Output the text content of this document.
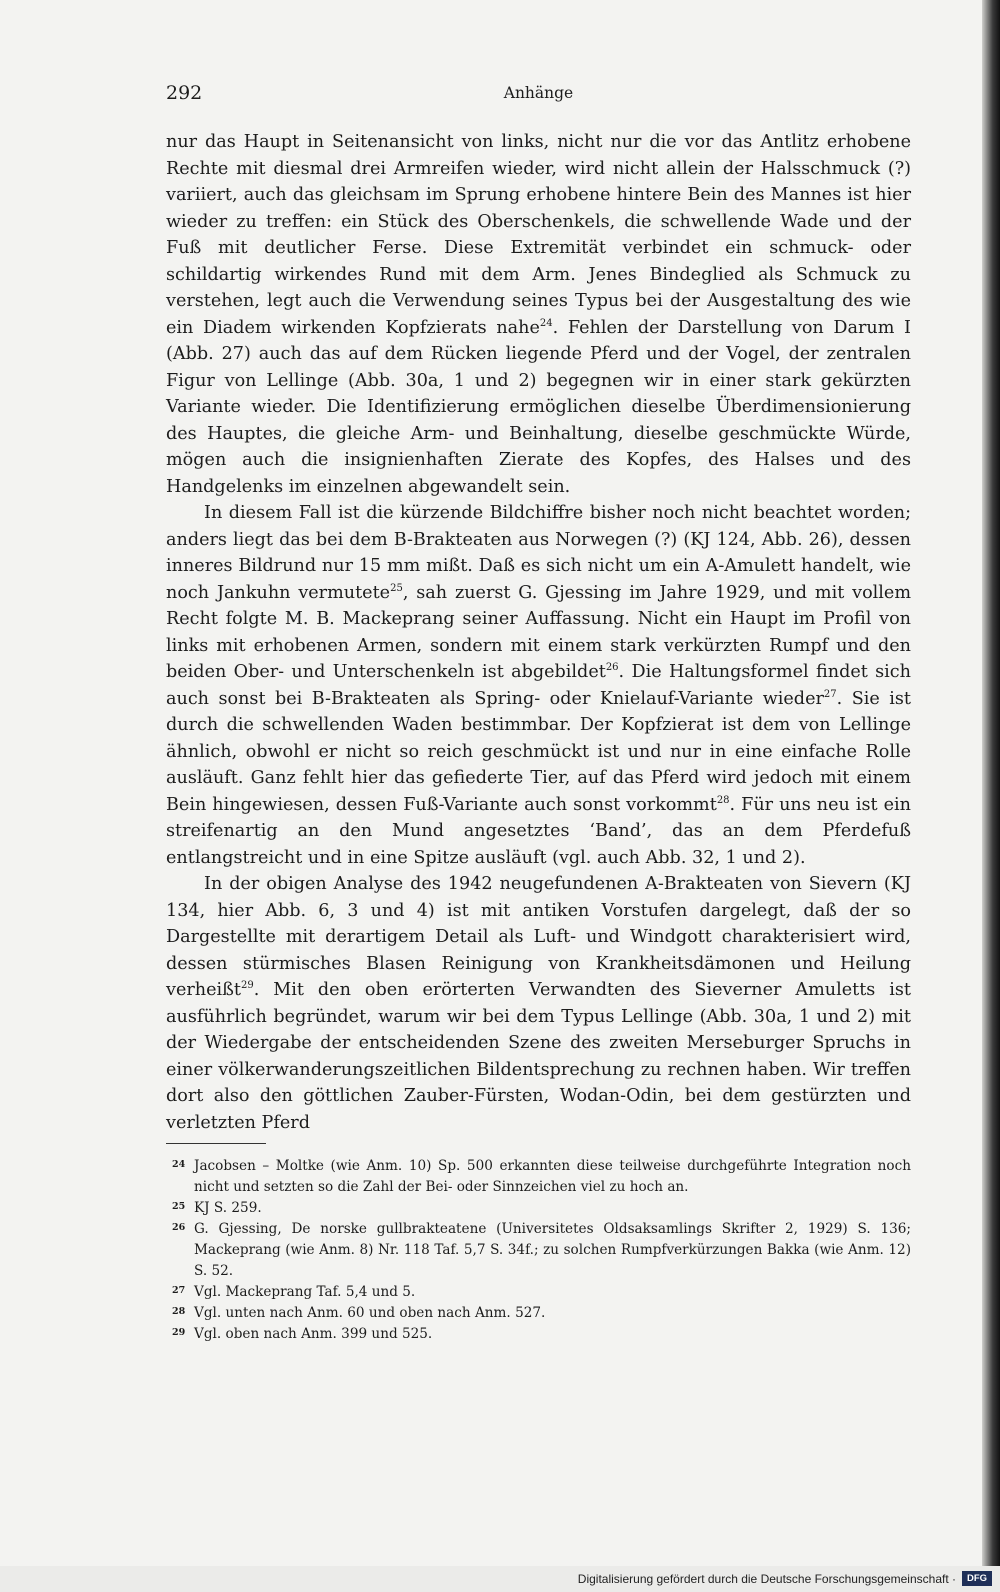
292	Anhänge

nur das Haupt in Seitenansicht von links, nicht nur die vor das Antlitz erhobene Rechte mit diesmal drei Armreifen wieder, wird nicht allein der Halsschmuck (?) variiert, auch das gleichsam im Sprung erhobene hintere Bein des Mannes ist hier wieder zu treffen: ein Stück des Oberschenkels, die schwellende Wade und der Fuß mit deutlicher Ferse. Diese Extremität verbindet ein schmuck- oder schildartig wirkendes Rund mit dem Arm. Jenes Bindeglied als Schmuck zu verstehen, legt auch die Verwendung seines Typus bei der Ausgestaltung des wie ein Diadem wirkenden Kopfzierats nahe$^{24}$. Fehlen der Darstellung von Darum I (Abb. 27) auch das auf dem Rücken liegende Pferd und der Vogel, der zentralen Figur von Lellinge (Abb. 30a, 1 und 2) begegnen wir in einer stark gekürzten Variante wieder. Die Identifizierung ermöglichen dieselbe Überdimensionierung des Hauptes, die gleiche Arm- und Beinhaltung, dieselbe geschmückte Würde, mögen auch die insignienhaften Zierate des Kopfes, des Halses und des Handgelenks im einzelnen abgewandelt sein.

In diesem Fall ist die kürzende Bildchiffre bisher noch nicht beachtet worden; anders liegt das bei dem B-Brakteaten aus Norwegen (?) (KJ 124, Abb. 26), dessen inneres Bildrund nur 15 mm mißt. Daß es sich nicht um ein A-Amulett handelt, wie noch Jankuhn vermutete$^{25}$, sah zuerst G. Gjessing im Jahre 1929, und mit vollem Recht folgte M. B. Mackeprang seiner Auffassung. Nicht ein Haupt im Profil von links mit erhobenen Armen, sondern mit einem stark verkürzten Rumpf und den beiden Ober- und Unterschenkeln ist abgebildet$^{26}$. Die Haltungsformel findet sich auch sonst bei B-Brakteaten als Spring- oder Knielauf-Variante wieder$^{27}$. Sie ist durch die schwellenden Waden bestimmbar. Der Kopfzierat ist dem von Lellinge ähnlich, obwohl er nicht so reich geschmückt ist und nur in eine einfache Rolle ausläuft. Ganz fehlt hier das gefiederte Tier, auf das Pferd wird jedoch mit einem Bein hingewiesen, dessen Fuß-Variante auch sonst vorkommt$^{28}$. Für uns neu ist ein streifenartig an den Mund angesetztes ‘Band’, das an dem Pferdefuß entlangstreicht und in eine Spitze ausläuft (vgl. auch Abb. 32, 1 und 2).

In der obigen Analyse des 1942 neugefundenen A-Brakteaten von Sievern (KJ 134, hier Abb. 6, 3 und 4) ist mit antiken Vorstufen dargelegt, daß der so Dargestellte mit derartigem Detail als Luft- und Windgott charakterisiert wird, dessen stürmisches Blasen Reinigung von Krankheitsdämonen und Heilung verheißt$^{29}$. Mit den oben erörterten Verwandten des Sieverner Amuletts ist ausführlich begründet, warum wir bei dem Typus Lellinge (Abb. 30a, 1 und 2) mit der Wiedergabe der entscheidenden Szene des zweiten Merseburger Spruchs in einer völkerwanderungszeitlichen Bildentsprechung zu rechnen haben. Wir treffen dort also den göttlichen Zauber-Fürsten, Wodan-Odin, bei dem gestürzten und verletzten Pferd

24 Jacobsen – Moltke (wie Anm. 10) Sp. 500 erkannten diese teilweise durchgeführte Integration noch nicht und setzten so die Zahl der Bei- oder Sinnzeichen viel zu hoch an.
25 KJ S. 259.
26 G. Gjessing, De norske gullbrakteatene (Universitetes Oldsaksamlings Skrifter 2, 1929) S. 136; Mackeprang (wie Anm. 8) Nr. 118 Taf. 5,7 S. 34f.; zu solchen Rumpfverkürzungen Bakka (wie Anm. 12) S. 52.
27 Vgl. Mackeprang Taf. 5,4 und 5.
28 Vgl. unten nach Anm. 60 und oben nach Anm. 527.
29 Vgl. oben nach Anm. 399 und 525.
Digitalisierung gefördert durch die Deutsche Forschungsgemeinschaft ·	DFG
